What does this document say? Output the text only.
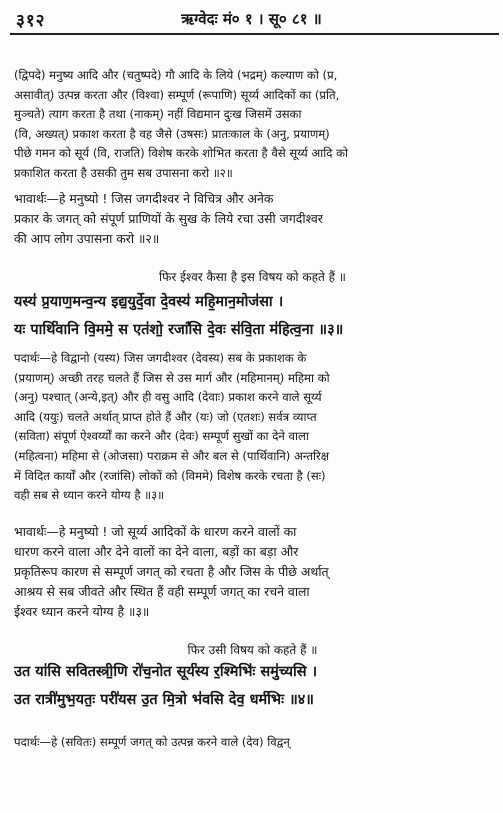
३१२	ऋग्वेदः मं० १ । सू० ८१ ॥
(द्विपदे) मनुष्य आदि और (चतुष्पदे) गौ आदि के लिये (भद्रम्) कल्याण को (प्र,
असावीत्) उत्पन्न करता और (विश्वा) सम्पूर्ण (रूपाणि) सूर्य्य आदिकों का (प्रति,
मुञ्चते) त्याग करता है तथा (नाकम्) नहीं विद्यमान दुःख जिसमें उसका
(वि, अख्यत्) प्रकाश करता है वह जैसे (उषसः) प्रातःकाल के (अनु, प्रयाणम्)
पीछे गमन को सूर्य (वि, राजति) विशेष करके शोभित करता है वैसे सूर्य्य आदि को
प्रकाशित करता है उसकी तुम सब उपासना करो ॥२॥
भावार्थः—हे मनुष्यो ! जिस जगदीश्वर ने विचित्र और अनेक
प्रकार के जगत् को संपूर्ण प्राणियों के सुख के लिये रचा उसी जगदीश्वर
की आप लोग उपासना करो ॥२॥
फिर ईश्वर कैसा है इस विषय को कहते हैं ॥
यस्य॑ प्र॒याण॒मन्व॒न्य इद्य॒युर्दे॒वा दे॒वस्य॑ महि॒मान॒मोज॑सा ।
यः पार्थि॑वानि वि॒ममे॒ स एत॑शो॒ रजां॑सि दे॒वः स॑वि॒ता म॑हित्व॒ना ॥३॥
पदार्थः—हे विद्वानो (यस्य) जिस जगदीश्वर (देवस्य) सब के प्रकाशक के
(प्रयाणम्) अच्छी तरह चलते हैं जिस से उस मार्ग और (महिमानम्) महिमा को
(अनु) पश्चात् (अन्ये,इत्) और ही वसु आदि (देवाः) प्रकाश करने वाले सूर्य्य
आदि (ययुः) चलते अर्थात् प्राप्त होते हैं और (यः) जो (एतशः) सर्वत्र व्याप्त
(सविता) संपूर्ण ऐश्वर्य्यों का करने और (देवः) सम्पूर्ण सुखों का देने वाला
(महित्वना) महिमा से (ओजसा) पराक्रम से और बल से (पार्थिवानि) अन्तरिक्ष
में विदित कार्यों और (रजांसि) लोकों को (विममे) विशेष करके रचता है (सः)
वही सब से ध्यान करने योग्य है ॥३॥
भावार्थः—हे मनुष्यो ! जो सूर्य्य आदिकों के धारण करने वालों का
धारण करने वाला और देने वालों का देने वाला, बड़ों का बड़ा और
प्रकृतिरूप कारण से सम्पूर्ण जगत् को रचता है और जिस के पीछे अर्थात्
आश्रय से सब जीवते और स्थित हैं वही सम्पूर्ण जगत् का रचने वाला
ईश्वर ध्यान करने योग्य है ॥३॥
फिर उसी विषय को कहते हैं ॥
उत या॑सि सवितस्त्री॒णि रो॑च॒नोत सूर्य॑स्य र॒श्मिभिः॑ समु॑च्यसि ।
उत रात्री॑मुभ॒यतः॒ परी॑यस उ॒त मि॒त्रो भ॑वसि देव॒ धर्म॑भिः ॥४॥
पदार्थः—हे (सवितः) सम्पूर्ण जगत् को उत्पन्न करने वाले (देव) विद्वन्
